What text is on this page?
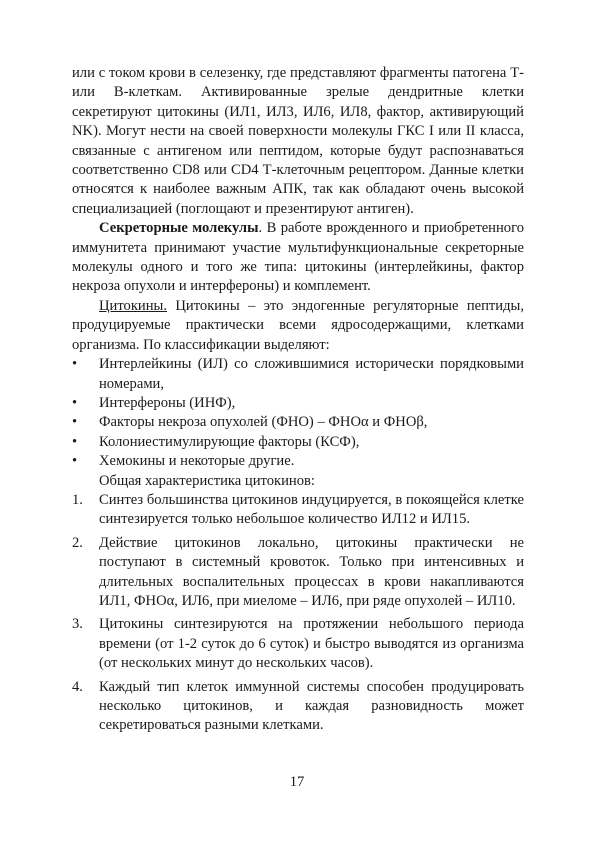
или с током крови в селезенку, где представляют фрагменты патогена Т- или В-клеткам. Активированные зрелые дендритные клетки секретируют цитокины (ИЛ1, ИЛ3, ИЛ6, ИЛ8, фактор, активирующий NK). Могут нести на своей поверхности молекулы ГКС I или II класса, связанные с антигеном или пептидом, которые будут распознаваться соответственно CD8 или CD4 Т-клеточным рецептором. Данные клетки относятся к наиболее важным АПК, так как обладают очень высокой специализацией (поглощают и презентируют антиген).

Секреторные молекулы. В работе врожденного и приобретенного иммунитета принимают участие мультифункциональные секреторные молекулы одного и того же типа: цитокины (интерлейкины, фактор некроза опухоли и интерфероны) и комплемент.

Цитокины. Цитокины – это эндогенные регуляторные пептиды, продуцируемые практически всеми ядросодержащими, клетками организма. По классификации выделяют:

•	Интерлейкины (ИЛ) со сложившимися исторически порядковыми номерами,
•	Интерфероны (ИНФ),
•	Факторы некроза опухолей (ФНО) – ФНОα и ФНОβ,
•	Колониестимулирующие факторы (КСФ),
•	Хемокины и некоторые другие.

Общая характеристика цитокинов:

1.	Синтез большинства цитокинов индуцируется, в покоящейся клетке синтезируется только небольшое количество ИЛ12 и ИЛ15.
2.	Действие цитокинов локально, цитокины практически не поступают в системный кровоток. Только при интенсивных и длительных воспалительных процессах в крови накапливаются ИЛ1, ФНОα, ИЛ6, при миеломе – ИЛ6, при ряде опухолей – ИЛ10.
3.	Цитокины синтезируются на протяжении небольшого периода времени (от 1-2 суток до 6 суток) и быстро выводятся из организма (от нескольких минут до нескольких часов).
4.	Каждый тип клеток иммунной системы способен продуцировать несколько цитокинов, и каждая разновидность может секретироваться разными клетками.
17
